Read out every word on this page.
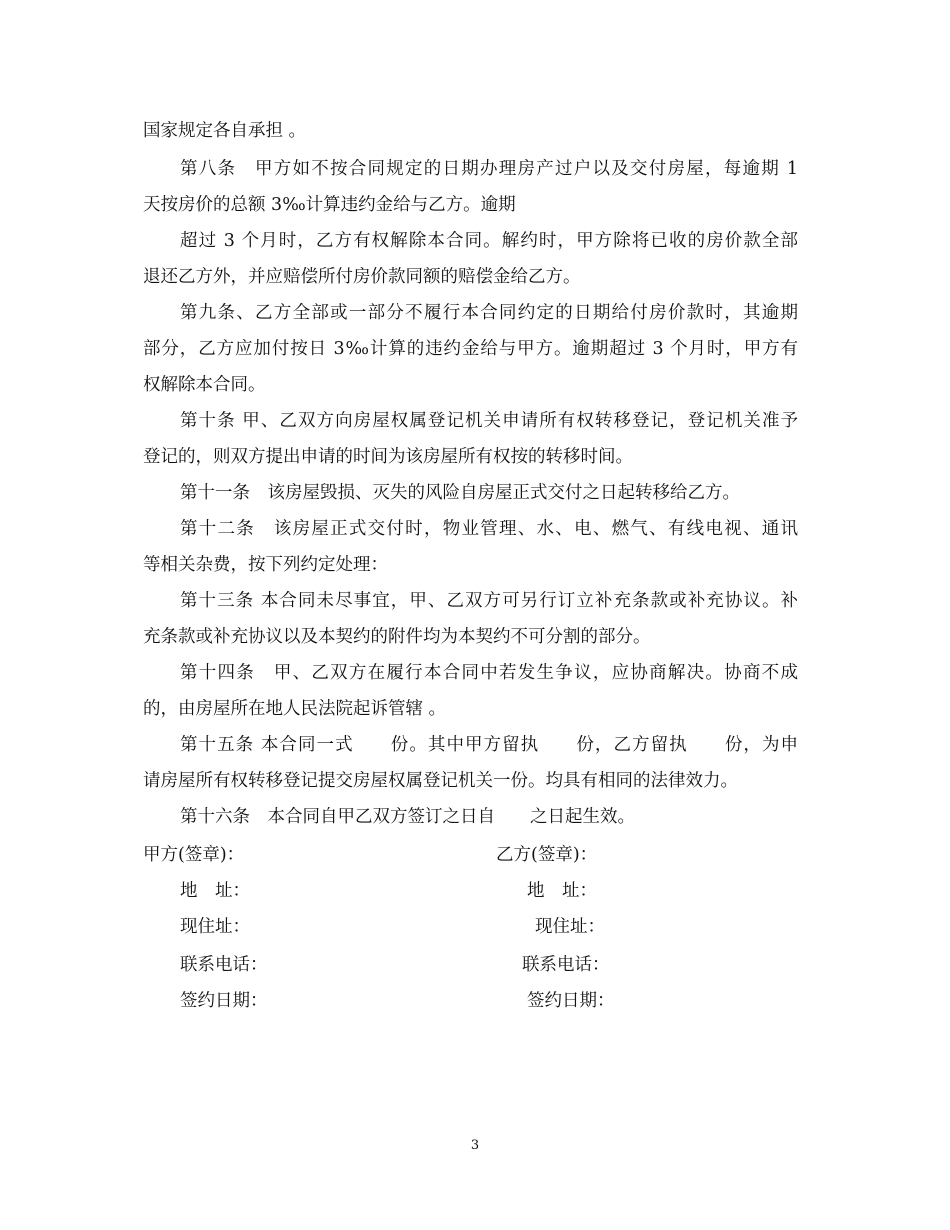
国家规定各自承担 。
第八条　甲方如不按合同规定的日期办理房产过户以及交付房屋，每逾期 1
天按房价的总额 3‰计算违约金给与乙方。逾期
超过 3 个月时，乙方有权解除本合同。解约时，甲方除将已收的房价款全部
退还乙方外，并应赔偿所付房价款同额的赔偿金给乙方。
第九条、乙方全部或一部分不履行本合同约定的日期给付房价款时，其逾期
部分，乙方应加付按日 3‰计算的违约金给与甲方。逾期超过 3 个月时，甲方有
权解除本合同。
第十条 甲、乙双方向房屋权属登记机关申请所有权转移登记，登记机关准予
登记的，则双方提出申请的时间为该房屋所有权按的转移时间。
第十一条　该房屋毁损、灭失的风险自房屋正式交付之日起转移给乙方。
第十二条　该房屋正式交付时，物业管理、水、电、燃气、有线电视、通讯
等相关杂费，按下列约定处理：
第十三条 本合同未尽事宜，甲、乙双方可另行订立补充条款或补充协议。补
充条款或补充协议以及本契约的附件均为本契约不可分割的部分。
第十四条　甲、乙双方在履行本合同中若发生争议，应协商解决。协商不成
的，由房屋所在地人民法院起诉管辖 。
第十五条 本合同一式　　份。其中甲方留执　　份，乙方留执　　份，为申
请房屋所有权转移登记提交房屋权属登记机关一份。均具有相同的法律效力。
第十六条　本合同自甲乙双方签订之日自　　之日起生效。
甲方(签章)：
地　址：
现住址：
联系电话：
签约日期：
乙方(签章)：
地　址：
现住址：
联系电话：
签约日期：
3
